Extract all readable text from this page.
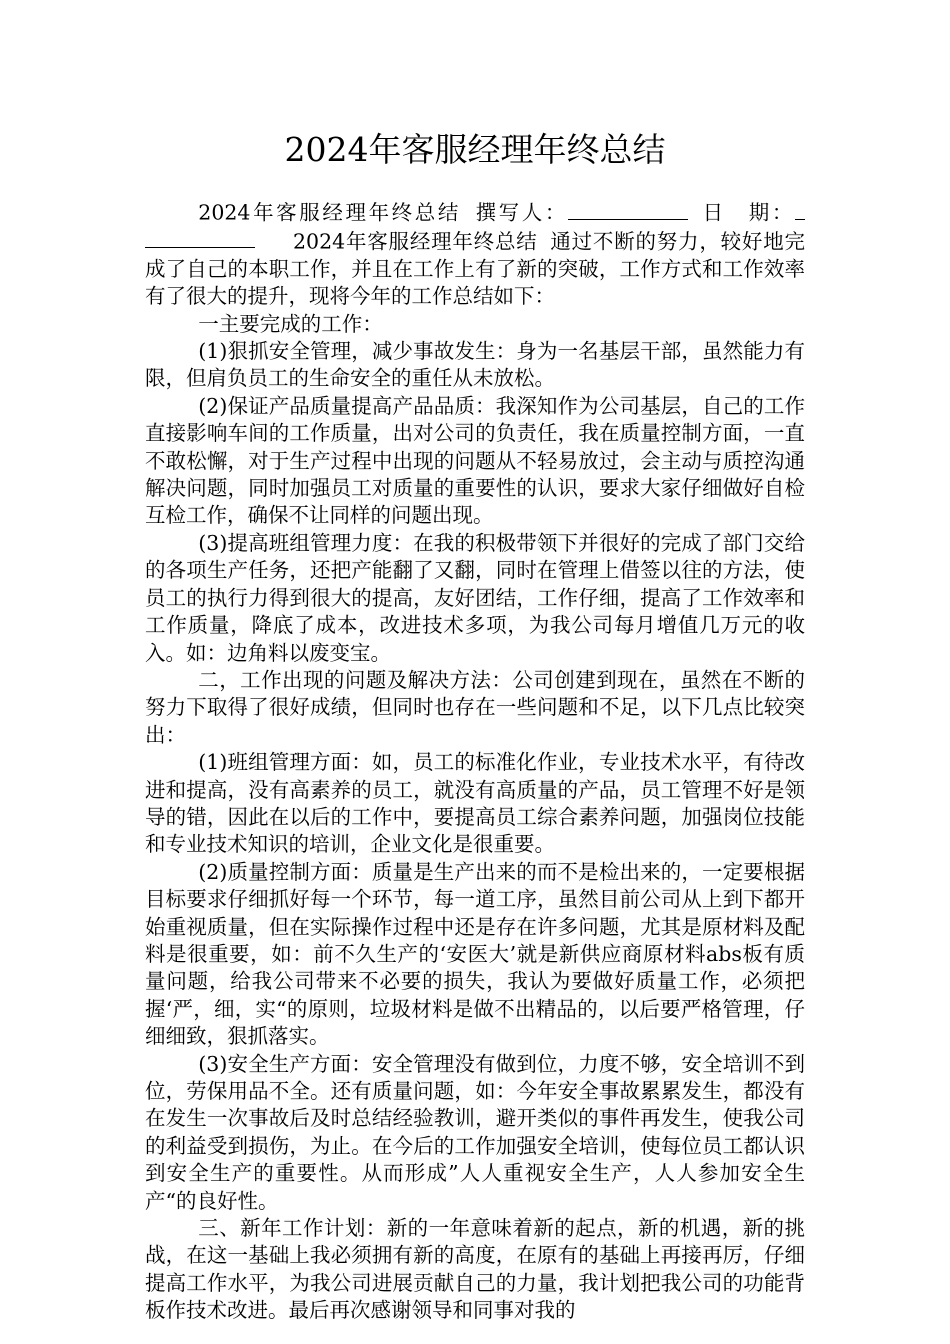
2024年客服经理年终总结

2024年客服经理年终总结 撰写人：	日　期：2024年客服经理年终总结 通过不断的努力，较好地完成了自己的本职工作，并且在工作上有了新的突破，工作方式和工作效率有了很大的提升，现将今年的工作总结如下：

一主要完成的工作：

(1)狠抓安全管理，减少事故发生：身为一名基层干部，虽然能力有限，但肩负员工的生命安全的重任从未放松。

(2)保证产品质量提高产品品质：我深知作为公司基层，自己的工作直接影响车间的工作质量，出对公司的负责任，我在质量控制方面，一直不敢松懈，对于生产过程中出现的问题从不轻易放过，会主动与质控沟通解决问题，同时加强员工对质量的重要性的认识，要求大家仔细做好自检互检工作，确保不让同样的问题出现。

(3)提高班组管理力度：在我的积极带领下并很好的完成了部门交给的各项生产任务，还把产能翻了又翻，同时在管理上借签以往的方法，使员工的执行力得到很大的提高，友好团结，工作仔细，提高了工作效率和工作质量，降底了成本，改进技术多项，为我公司每月增值几万元的收入。如：边角料以废变宝。

二，工作出现的问题及解决方法：公司创建到现在，虽然在不断的努力下取得了很好成绩，但同时也存在一些问题和不足，以下几点比较突出：

(1)班组管理方面：如，员工的标准化作业，专业技术水平，有待改进和提高，没有高素养的员工，就没有高质量的产品，员工管理不好是领导的错，因此在以后的工作中，要提高员工综合素养问题，加强岗位技能和专业技术知识的培训，企业文化是很重要。

(2)质量控制方面：质量是生产出来的而不是检出来的，一定要根据目标要求仔细抓好每一个环节，每一道工序，虽然目前公司从上到下都开始重视质量，但在实际操作过程中还是存在许多问题，尤其是原材料及配料是很重要，如：前不久生产的‘安医大’就是新供应商原材料abs板有质量问题，给我公司带来不必要的损失，我认为要做好质量工作，必须把握‘严，细，实“的原则，垃圾材料是做不出精品的，以后要严格管理，仔细细致，狠抓落实。

(3)安全生产方面：安全管理没有做到位，力度不够，安全培训不到位，劳保用品不全。还有质量问题，如：今年安全事故累累发生，都没有在发生一次事故后及时总结经验教训，避开类似的事件再发生，使我公司的利益受到损伤，为止。在今后的工作加强安全培训，使每位员工都认识到安全生产的重要性。从而形成”人人重视安全生产，人人参加安全生产“的良好性。

三、新年工作计划：新的一年意味着新的起点，新的机遇，新的挑战，在这一基础上我必须拥有新的高度，在原有的基础上再接再厉，仔细提高工作水平，为我公司进展贡献自己的力量，我计划把我公司的功能背板作技术改进。最后再次感谢领导和同事对我的
